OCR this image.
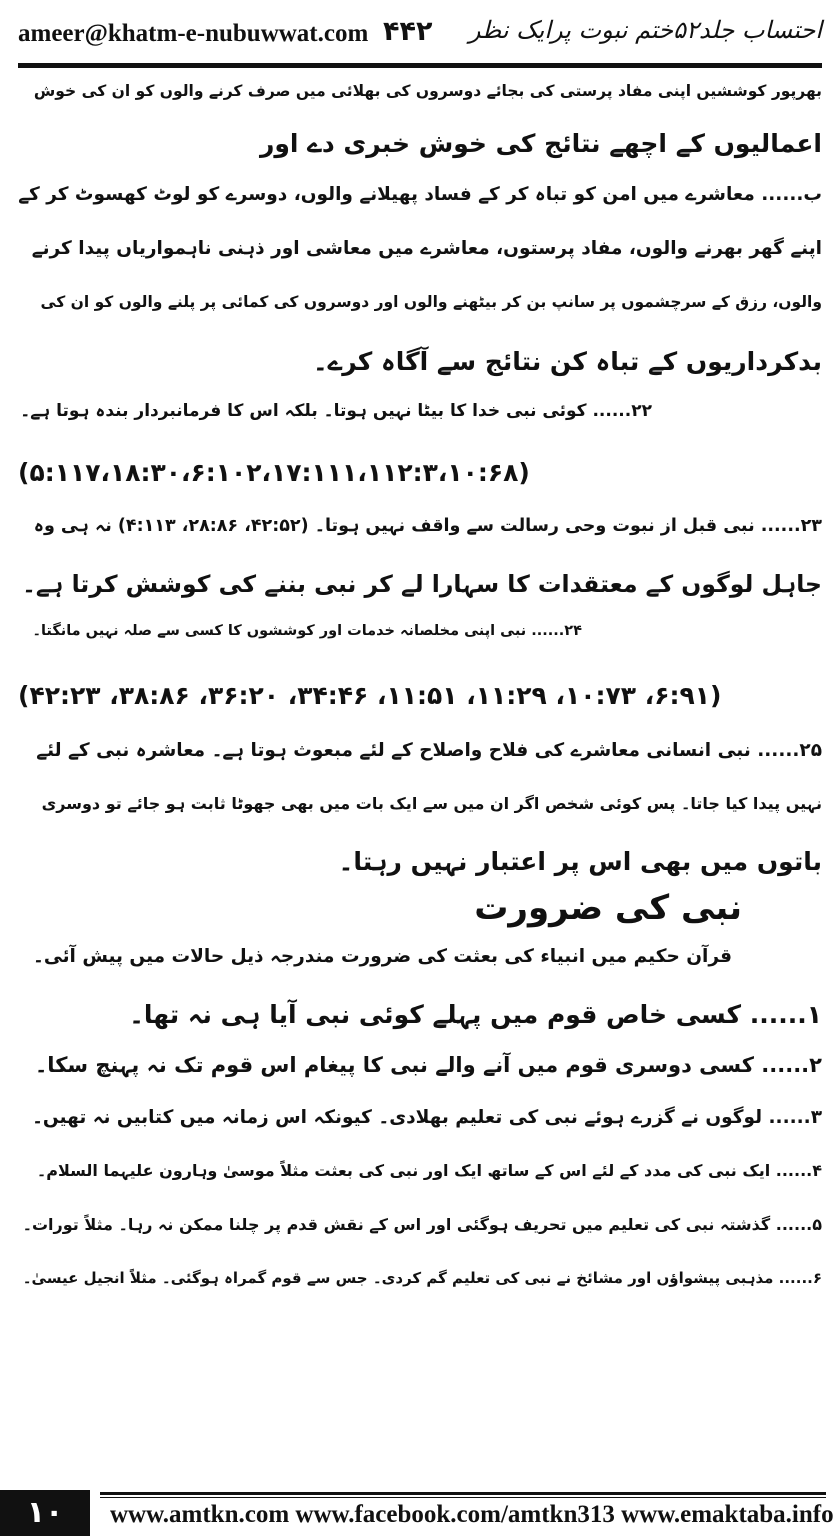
ameer@khatm-e-nubuwwat.com ۴۴۲ احتساب جلد۵۲ختم نبوت پرایک نظر
بھرپور کوششیں اپنی مفاد پرستی کی بجائے دوسروں کی بھلائی میں صرف کرنے والوں کو ان کی خوش
اعمالیوں کے اچھے نتائج کی خوش خبری دے اور
ب...... معاشرے میں امن کو تباہ کر کے فساد پھیلانے والوں، دوسرے کو لوٹ کھسوٹ کر کے
اپنے گھر بھرنے والوں، مفاد پرستوں، معاشرے میں معاشی اور ذہنی ناہمواریاں پیدا کرنے
والوں، رزق کے سرچشموں پر سانپ بن کر بیٹھنے والوں اور دوسروں کی کمائی پر پلنے والوں کو ان کی
بدکرداریوں کے تباہ کن نتائج سے آگاہ کرے۔
۲۲...... کوئی نبی خدا کا بیٹا نہیں ہوتا۔ بلکہ اس کا فرمانبردار بندہ ہوتا ہے۔
(۵:۱۱۷،۱۸:۳۰،۶:۱۰۲،۱۷:۱۱۱،۱۱۲:۳،۱۰:۶۸)
۲۳...... نبی قبل از نبوت وحی رسالت سے واقف نہیں ہوتا۔ (۴۲:۵۲، ۲۸:۸۶، ۴:۱۱۳) نہ ہی وہ
جاہل لوگوں کے معتقدات کا سہارا لے کر نبی بننے کی کوشش کرتا ہے۔
۲۴...... نبی اپنی مخلصانہ خدمات اور کوششوں کا کسی سے صلہ نہیں مانگتا۔
(۶:۹۱، ۱۰:۷۳، ۱۱:۲۹، ۱۱:۵۱، ۳۴:۴۶، ۳۶:۲۰، ۳۸:۸۶، ۴۲:۲۳)
۲۵...... نبی انسانی معاشرے کی فلاح واصلاح کے لئے مبعوث ہوتا ہے۔ معاشرہ نبی کے لئے
نہیں پیدا کیا جاتا۔ پس کوئی شخص اگر ان میں سے ایک بات میں بھی جھوٹا ثابت ہو جائے تو دوسری
باتوں میں بھی اس پر اعتبار نہیں رہتا۔
نبی کی ضرورت
قرآن حکیم میں انبیاء کی بعثت کی ضرورت مندرجہ ذیل حالات میں پیش آئی۔
۱...... کسی خاص قوم میں پہلے کوئی نبی آیا ہی نہ تھا۔
۲...... کسی دوسری قوم میں آنے والے نبی کا پیغام اس قوم تک نہ پہنچ سکا۔
۳...... لوگوں نے گزرے ہوئے نبی کی تعلیم بھلادی۔ کیونکہ اس زمانہ میں کتابیں نہ تھیں۔
۴...... ایک نبی کی مدد کے لئے اس کے ساتھ ایک اور نبی کی بعثت مثلاً موسیٰ وہارون علیہما السلام۔
۵...... گذشتہ نبی کی تعلیم میں تحریف ہوگئی اور اس کے نقش قدم پر چلنا ممکن نہ رہا۔ مثلاً تورات۔
۶...... مذہبی پیشواؤں اور مشائخ نے نبی کی تعلیم گم کردی۔ جس سے قوم گمراہ ہوگئی۔ مثلاً انجیل عیسیٰ۔
۱۰	www.amtkn.com www.facebook.com/amtkn313 www.emaktaba.info
